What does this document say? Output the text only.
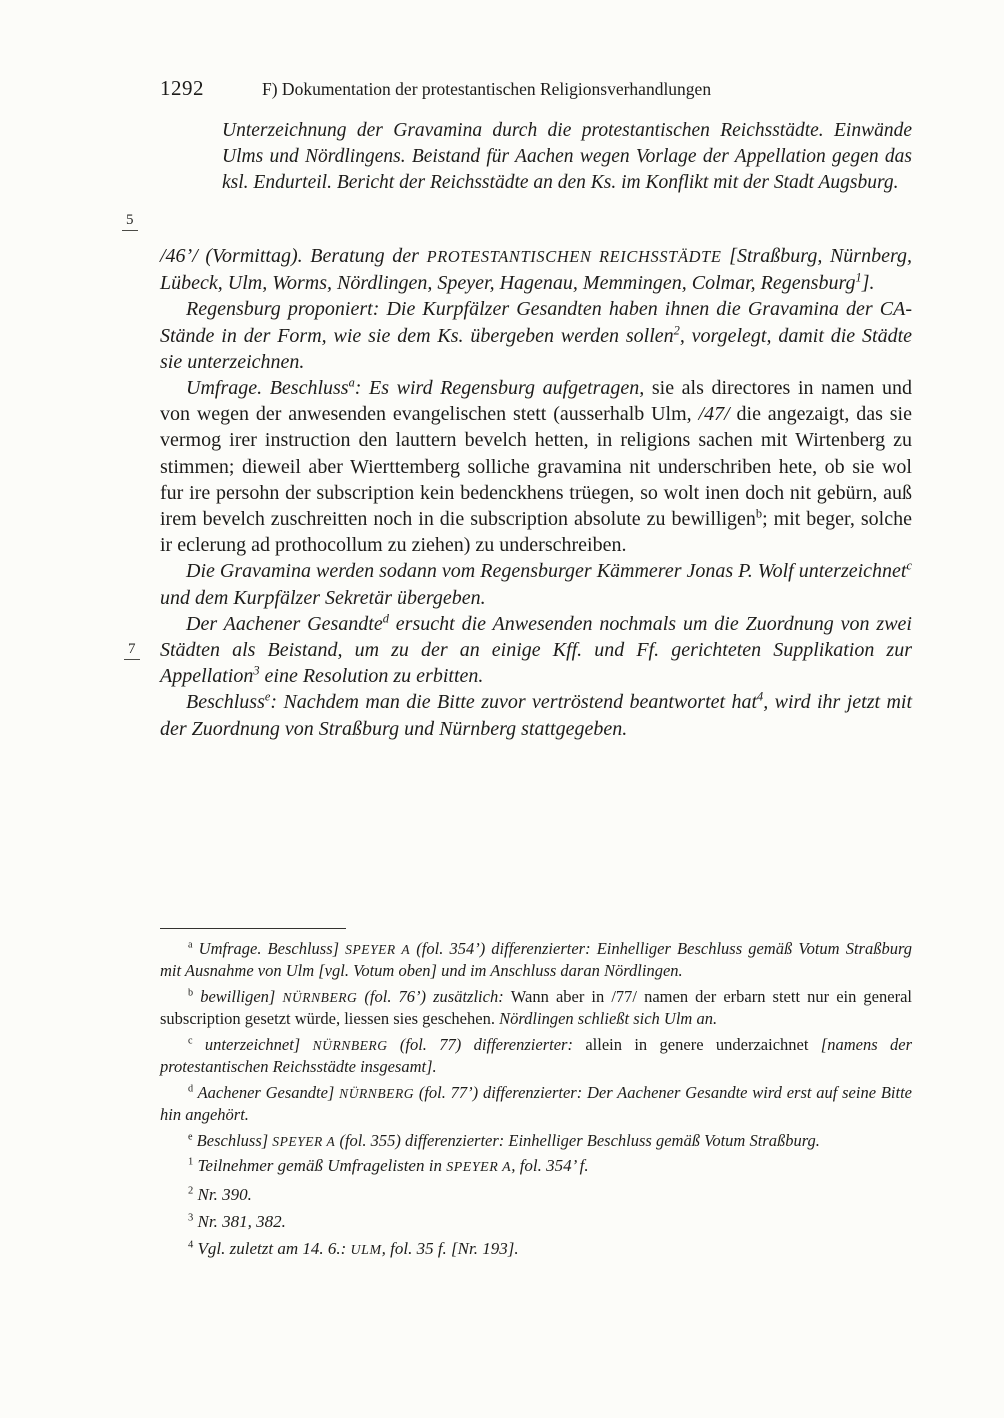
1292	F) Dokumentation der protestantischen Religionsverhandlungen
5
7
Unterzeichnung der Gravamina durch die protestantischen Reichsstädte. Einwände Ulms und Nördlingens. Beistand für Aachen wegen Vorlage der Appellation gegen das ksl. Endurteil. Bericht der Reichsstädte an den Ks. im Konflikt mit der Stadt Augsburg.

/46’/ (Vormittag). Beratung der PROTESTANTISCHEN REICHSSTÄDTE [Straßburg, Nürnberg, Lübeck, Ulm, Worms, Nördlingen, Speyer, Hagenau, Memmingen, Colmar, Regensburg$^1$].

Regensburg proponiert: Die Kurpfälzer Gesandten haben ihnen die Gravamina der CA-Stände in der Form, wie sie dem Ks. übergeben werden sollen$^2$, vorgelegt, damit die Städte sie unterzeichnen.

Umfrage. Beschluss$^a$: Es wird Regensburg aufgetragen, sie als directores in namen und von wegen der anwesenden evangelischen stett (ausserhalb Ulm, /47/ die angezaigt, das sie vermog irer instruction den lauttern bevelch hetten, in religions sachen mit Wirtenberg zu stimmen; dieweil aber Wierttemberg solliche gravamina nit underschriben hete, ob sie wol fur ire persohn der subscription kein bedenckhens trüegen, so wolt inen doch nit gebürn, auß irem bevelch zuschreitten noch in die subscription absolute zu bewilligen$^b$; mit beger, solche ir eclerung ad prothocollum zu ziehen) zu underschreiben.

Die Gravamina werden sodann vom Regensburger Kämmerer Jonas P. Wolf unterzeichnet$^c$ und dem Kurpfälzer Sekretär übergeben.

Der Aachener Gesandte$^d$ ersucht die Anwesenden nochmals um die Zuordnung von zwei Städten als Beistand, um zu der an einige Kff. und Ff. gerichteten Supplikation zur Appellation$^3$ eine Resolution zu erbitten.

Beschluss$^e$: Nachdem man die Bitte zuvor vertröstend beantwortet hat$^4$, wird ihr jetzt mit der Zuordnung von Straßburg und Nürnberg stattgegeben.

$^a$ Umfrage. Beschluss] SPEYER A (fol. 354’) differenzierter: Einhelliger Beschluss gemäß Votum Straßburg mit Ausnahme von Ulm [vgl. Votum oben] und im Anschluss daran Nördlingen.

$^b$ bewilligen] NÜRNBERG (fol. 76’) zusätzlich: Wann aber in /77/ namen der erbarn stett nur ein general subscription gesetzt würde, liessen sies geschehen. Nördlingen schließt sich Ulm an.

$^c$ unterzeichnet] NÜRNBERG (fol. 77) differenzierter: allein in genere underzaichnet [namens der protestantischen Reichsstädte insgesamt].

$^d$ Aachener Gesandte] NÜRNBERG (fol. 77’) differenzierter: Der Aachener Gesandte wird erst auf seine Bitte hin angehört.

$^e$ Beschluss] SPEYER A (fol. 355) differenzierter: Einhelliger Beschluss gemäß Votum Straßburg.

$^1$ Teilnehmer gemäß Umfragelisten in SPEYER A, fol. 354’ f.

$^2$ Nr. 390.

$^3$ Nr. 381, 382.

$^4$ Vgl. zuletzt am 14. 6.: ULM, fol. 35 f. [Nr. 193].
